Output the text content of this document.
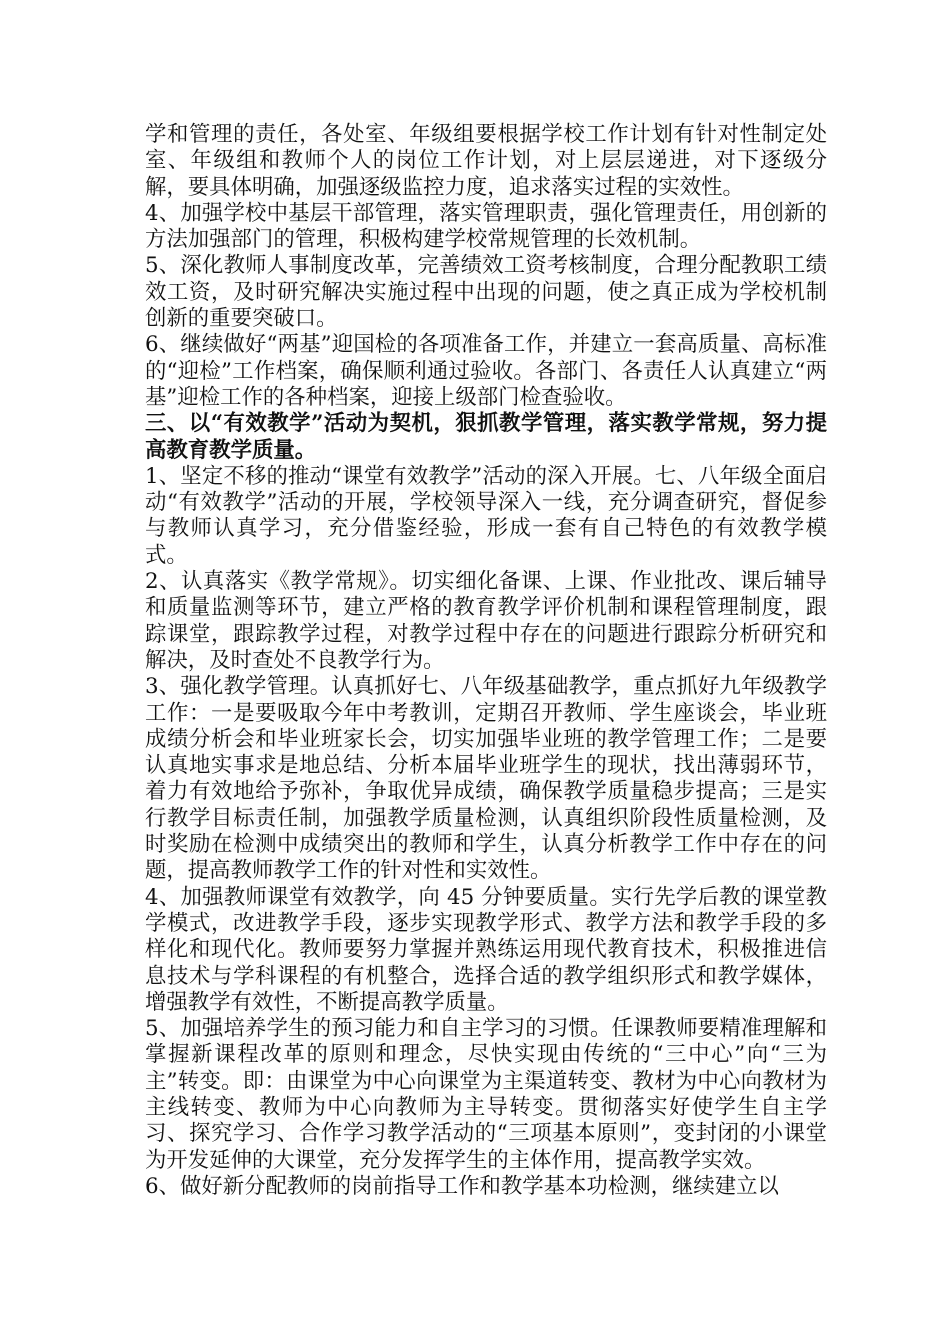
学和管理的责任，各处室、年级组要根据学校工作计划有针对性制定处室、年级组和教师个人的岗位工作计划，对上层层递进，对下逐级分解，要具体明确，加强逐级监控力度，追求落实过程的实效性。

4、加强学校中基层干部管理，落实管理职责，强化管理责任，用创新的方法加强部门的管理，积极构建学校常规管理的长效机制。

5、深化教师人事制度改革，完善绩效工资考核制度，合理分配教职工绩效工资，及时研究解决实施过程中出现的问题，使之真正成为学校机制创新的重要突破口。

6、继续做好“两基”迎国检的各项准备工作，并建立一套高质量、高标准的“迎检”工作档案，确保顺利通过验收。各部门、各责任人认真建立“两基”迎检工作的各种档案，迎接上级部门检查验收。

三、以“有效教学”活动为契机，狠抓教学管理，落实教学常规，努力提高教育教学质量。

1、坚定不移的推动“课堂有效教学”活动的深入开展。七、八年级全面启动“有效教学”活动的开展，学校领导深入一线，充分调查研究，督促参与教师认真学习，充分借鉴经验，形成一套有自己特色的有效教学模式。

2、认真落实《教学常规》。切实细化备课、上课、作业批改、课后辅导和质量监测等环节，建立严格的教育教学评价机制和课程管理制度，跟踪课堂，跟踪教学过程，对教学过程中存在的问题进行跟踪分析研究和解决，及时查处不良教学行为。

3、强化教学管理。认真抓好七、八年级基础教学，重点抓好九年级教学工作：一是要吸取今年中考教训，定期召开教师、学生座谈会，毕业班成绩分析会和毕业班家长会，切实加强毕业班的教学管理工作；二是要认真地实事求是地总结、分析本届毕业班学生的现状，找出薄弱环节，着力有效地给予弥补，争取优异成绩，确保教学质量稳步提高；三是实行教学目标责任制，加强教学质量检测，认真组织阶段性质量检测，及时奖励在检测中成绩突出的教师和学生，认真分析教学工作中存在的问题，提高教师教学工作的针对性和实效性。

4、加强教师课堂有效教学，向 45 分钟要质量。实行先学后教的课堂教学模式，改进教学手段，逐步实现教学形式、教学方法和教学手段的多样化和现代化。教师要努力掌握并熟练运用现代教育技术，积极推进信息技术与学科课程的有机整合，选择合适的教学组织形式和教学媒体，增强教学有效性，不断提高教学质量。

5、加强培养学生的预习能力和自主学习的习惯。任课教师要精准理解和掌握新课程改革的原则和理念，尽快实现由传统的“三中心”向“三为主”转变。即：由课堂为中心向课堂为主渠道转变、教材为中心向教材为主线转变、教师为中心向教师为主导转变。贯彻落实好使学生自主学习、探究学习、合作学习教学活动的“三项基本原则”，变封闭的小课堂为开发延伸的大课堂，充分发挥学生的主体作用，提高教学实效。

6、做好新分配教师的岗前指导工作和教学基本功检测，继续建立以
